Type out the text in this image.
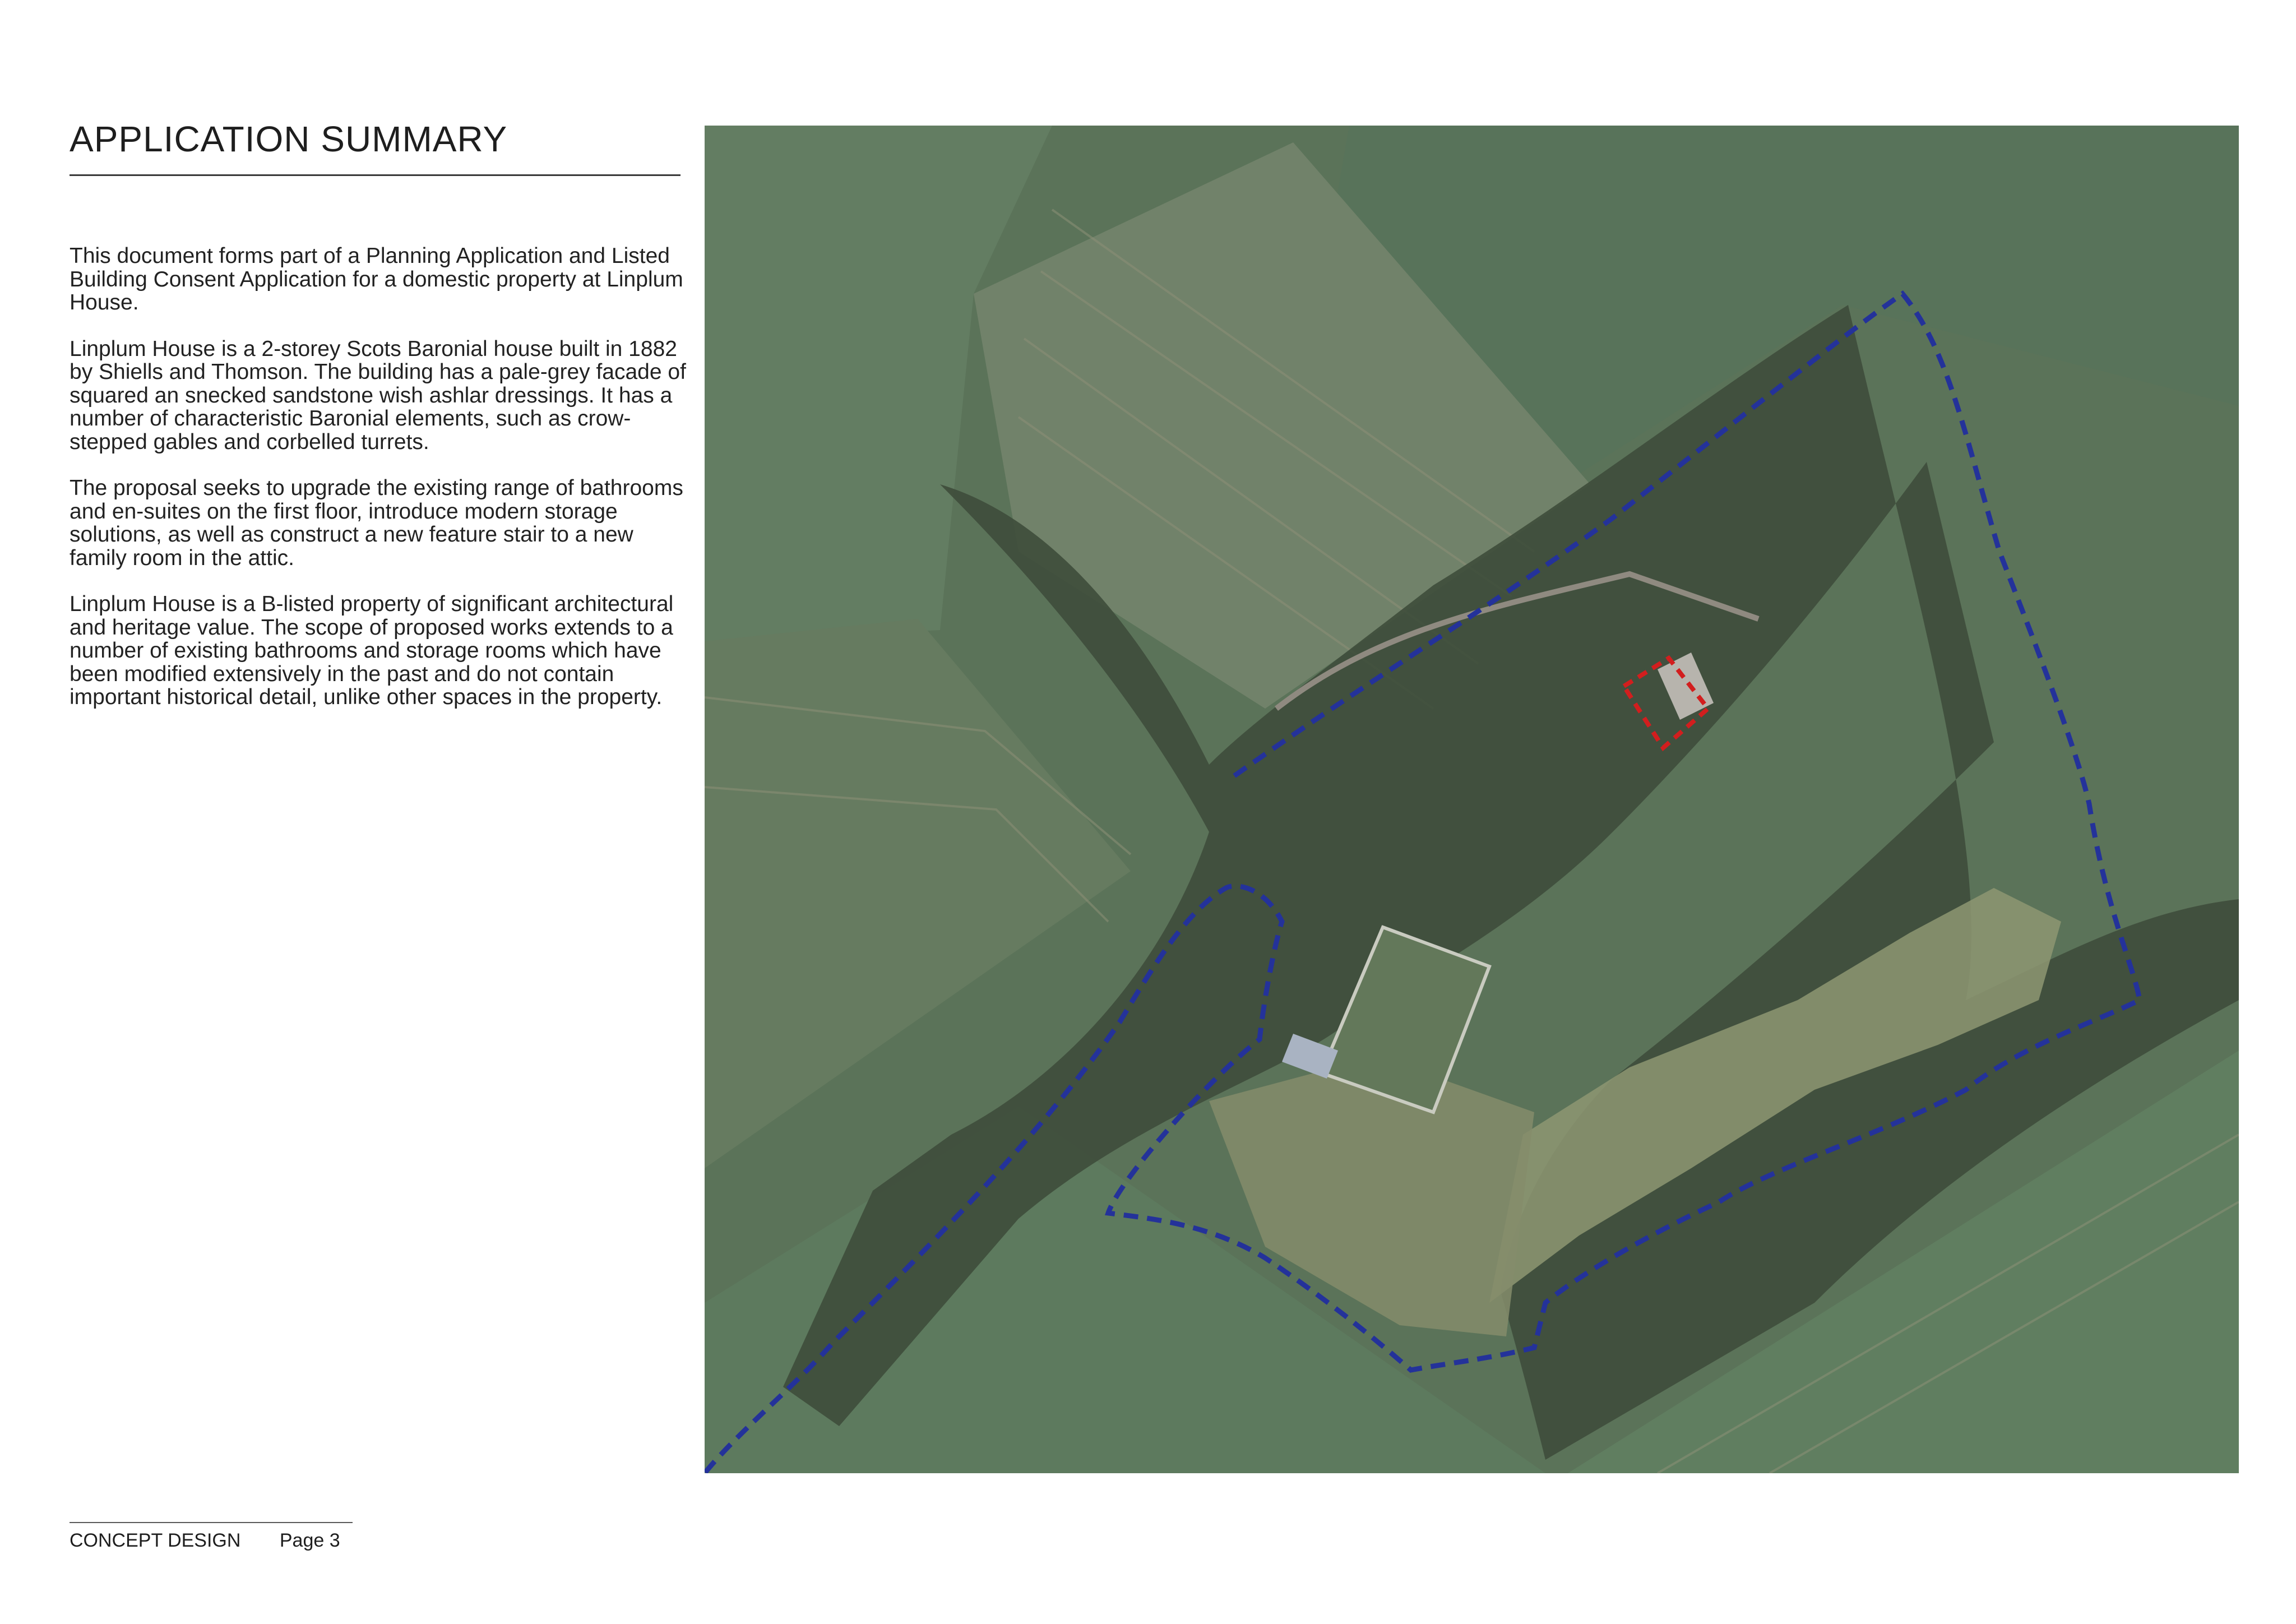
APPLICATION SUMMARY

This document forms part of a Planning Application and Listed Building Consent Application for a domestic property at Linplum House.

Linplum House is a 2-storey Scots Baronial house built in 1882 by Shiells and Thomson. The building has a pale-grey facade of squared an snecked sandstone wish ashlar dressings. It has a number of characteristic Baronial elements, such as crow-stepped gables and corbelled turrets.

The proposal seeks to upgrade the existing range of bathrooms and en-suites on the first floor, introduce modern storage solutions, as well as construct a new feature stair to a new family room in the attic.

Linplum House is a B-listed property of significant architectural and heritage value. The scope of proposed works extends to a number of existing bathrooms and storage rooms which have been modified extensively in the past and do not contain important historical detail, unlike other spaces in the property.

CONCEPT DESIGN Page 3
